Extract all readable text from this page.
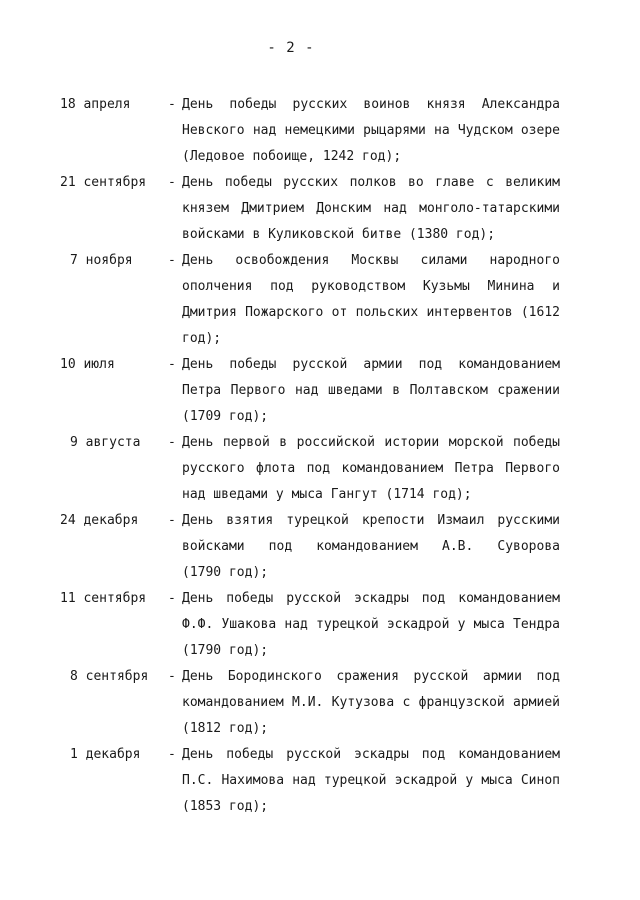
- 2 -
18 апреля	- День победы русских воинов князя Александра
Невского над немецкими рыцарями на Чудском озере
(Ледовое побоище, 1242 год);
21 сентября	- День победы русских полков во главе с великим
князем Дмитрием Донским над монголо-татарскими
войсками в Куликовской битве (1380 год);
7 ноября	- День освобождения Москвы силами народного
ополчения под руководством Кузьмы Минина и
Дмитрия Пожарского от польских интервентов (1612
год);
10 июля	- День победы русской армии под командованием
Петра Первого над шведами в Полтавском сражении
(1709 год);
9 августа	- День первой в российской истории морской победы
русского флота под командованием Петра Первого
над шведами у мыса Гангут (1714 год);
24 декабря	- День взятия турецкой крепости Измаил русскими
войсками под командованием А.В. Суворова
(1790 год);
11 сентября	- День победы русской эскадры под командованием
Ф.Ф. Ушакова над турецкой эскадрой у мыса Тендра
(1790 год);
8 сентября	- День Бородинского сражения русской армии под
командованием М.И. Кутузова с французской армией
(1812 год);
1 декабря	- День победы русской эскадры под командованием
П.С. Нахимова над турецкой эскадрой у мыса Синоп
(1853 год);
